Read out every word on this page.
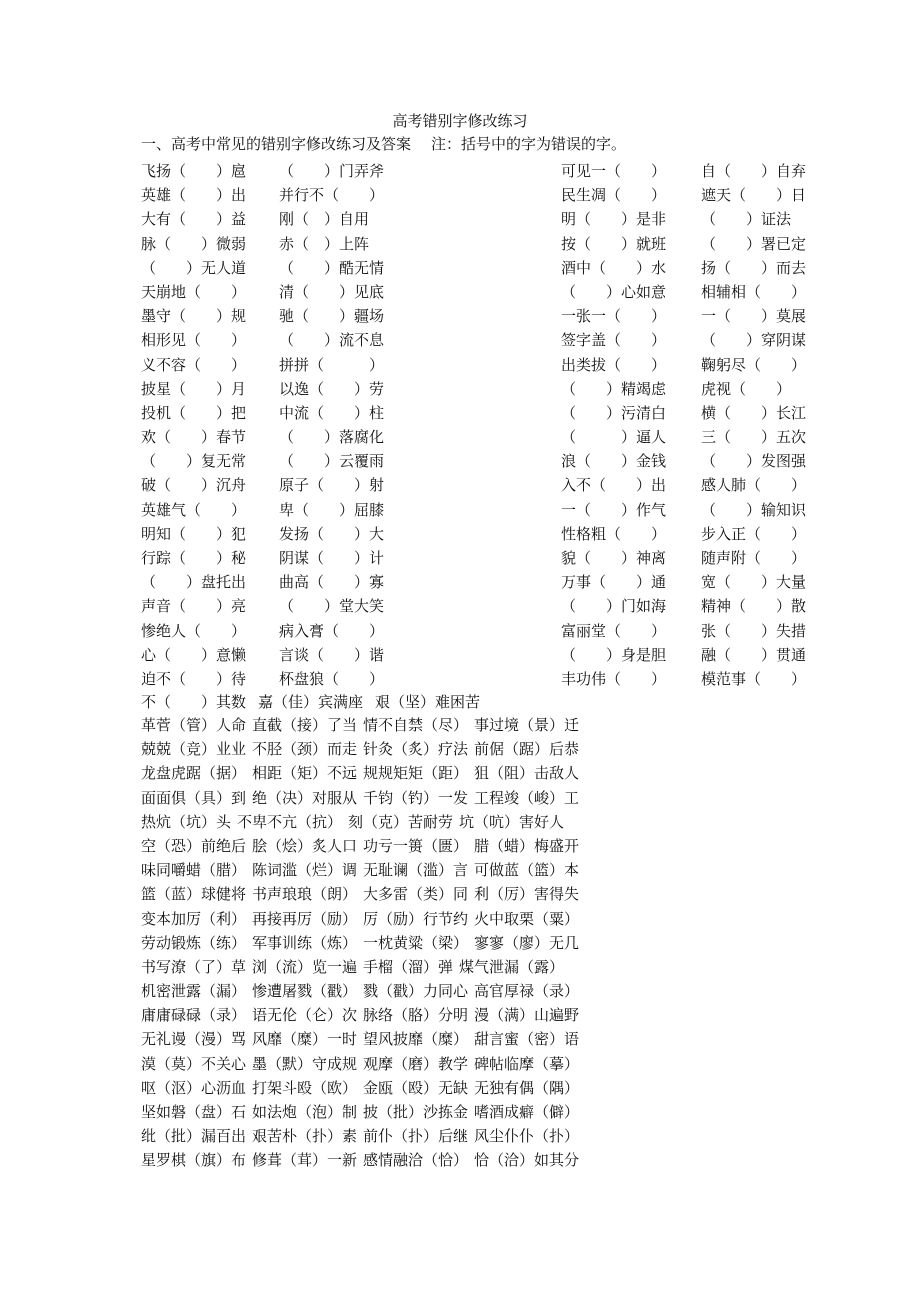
高考错别字修改练习
一、高考中常见的错别字修改练习及答案 注：括号中的字为错误的字。
飞扬（　　）扈 （　　）门弄斧	可见一（　　） 自（　　）自弃
英雄（　　）出 并行不（　　）	民生凋（　　） 遮天（　　）日
大有（　　）益 刚（　）自用	明（　　）是非 （　　）证法
脉（　　）微弱 赤（　）上阵	按（　　）就班 （　　）署已定
（　　）无人道 （　　）酷无情	酒中（　　）水 扬（　　）而去
天崩地（　　） 清（　　）见底	（　　）心如意 相辅相（　　）
墨守（　　）规 驰（　　）疆场	一张一（　　） 一（　　）莫展
相形见（　　） （　　）流不息	签字盖（　　） （　　）穿阴谋
义不容（　　） 拼拼（　　　）	出类拔（　　） 鞠躬尽（　　）
披星（　　）月 以逸（　　）劳	（　　）精竭虑 虎视（　　）
投机（　　）把 中流（　　）柱	（　　）污清白 横（　　）长江
欢（　　）春节 （　　）落腐化	（　　　）逼人 三（　　）五次
（　　）复无常 （　　）云覆雨	浪（　　）金钱 （　　）发图强
破（　　）沉舟 原子（　　）射	入不（　　）出 感人肺（　　）
英雄气（　　） 卑（　　）屈膝	一（　　）作气 （　　）输知识
明知（　　）犯 发扬（　　）大	性格粗（　　） 步入正（　　）
行踪（　　）秘 阴谋（　　）计	貌（　　）神离 随声附（　　）
（　　）盘托出 曲高（　　）寡	万事（　　）通 宽（　　）大量
声音（　　）亮 （　　）堂大笑	（　　）门如海 精神（　　）散
惨绝人（　　） 病入膏（　　）	富丽堂（　　） 张（　　）失措
心（　　）意懒 言谈（　　）谐	（　　）身是胆 融（　　）贯通
迫不（　　）待 杯盘狼（　　）	丰功伟（　　） 模范事（　　）
不（　　）其数 嘉（佳）宾满座 艰（坚）难困苦
革菅（管）人命 直截（接）了当 情不自禁（尽） 事过境（景）迁
兢兢（竞）业业 不胫（颈）而走 针灸（炙）疗法 前倨（踞）后恭
龙盘虎踞（据） 相距（矩）不远 规规矩矩（距） 狙（阻）击敌人
面面俱（具）到 绝（决）对服从 千钧（钓）一发 工程竣（峻）工
热炕（坑）头 不卑不亢（抗） 刻（克）苦耐劳 坑（吭）害好人
空（恐）前绝后 脍（烩）炙人口 功亏一篑（匮） 腊（蜡）梅盛开
味同嚼蜡（腊） 陈词滥（烂）调 无耻谰（滥）言 可做蓝（篮）本
篮（蓝）球健将 书声琅琅（朗） 大多雷（类）同 利（厉）害得失
变本加厉（利） 再接再厉（励） 厉（励）行节约 火中取栗（粟）
劳动锻炼（练） 军事训练（炼） 一枕黄粱（梁） 寥寥（廖）无几
书写潦（了）草 浏（流）览一遍 手榴（溜）弹 煤气泄漏（露）
机密泄露（漏） 惨遭屠戮（戳） 戮（戳）力同心 高官厚禄（录）
庸庸碌碌（录） 语无伦（仑）次 脉络（胳）分明 漫（满）山遍野
无礼谩（漫）骂 风靡（糜）一时 望风披靡（糜） 甜言蜜（密）语
漠（莫）不关心 墨（默）守成规 观摩（磨）教学 碑帖临摩（摹）
呕（沤）心沥血 打架斗殴（欧） 金瓯（殴）无缺 无独有偶（隅）
坚如磐（盘）石 如法炮（泡）制 披（批）沙拣金 嗜酒成癖（僻）
纰（批）漏百出 艰苦朴（扑）素 前仆（扑）后继 风尘仆仆（扑）
星罗棋（旗）布 修葺（茸）一新 感情融洽（恰） 恰（洽）如其分
